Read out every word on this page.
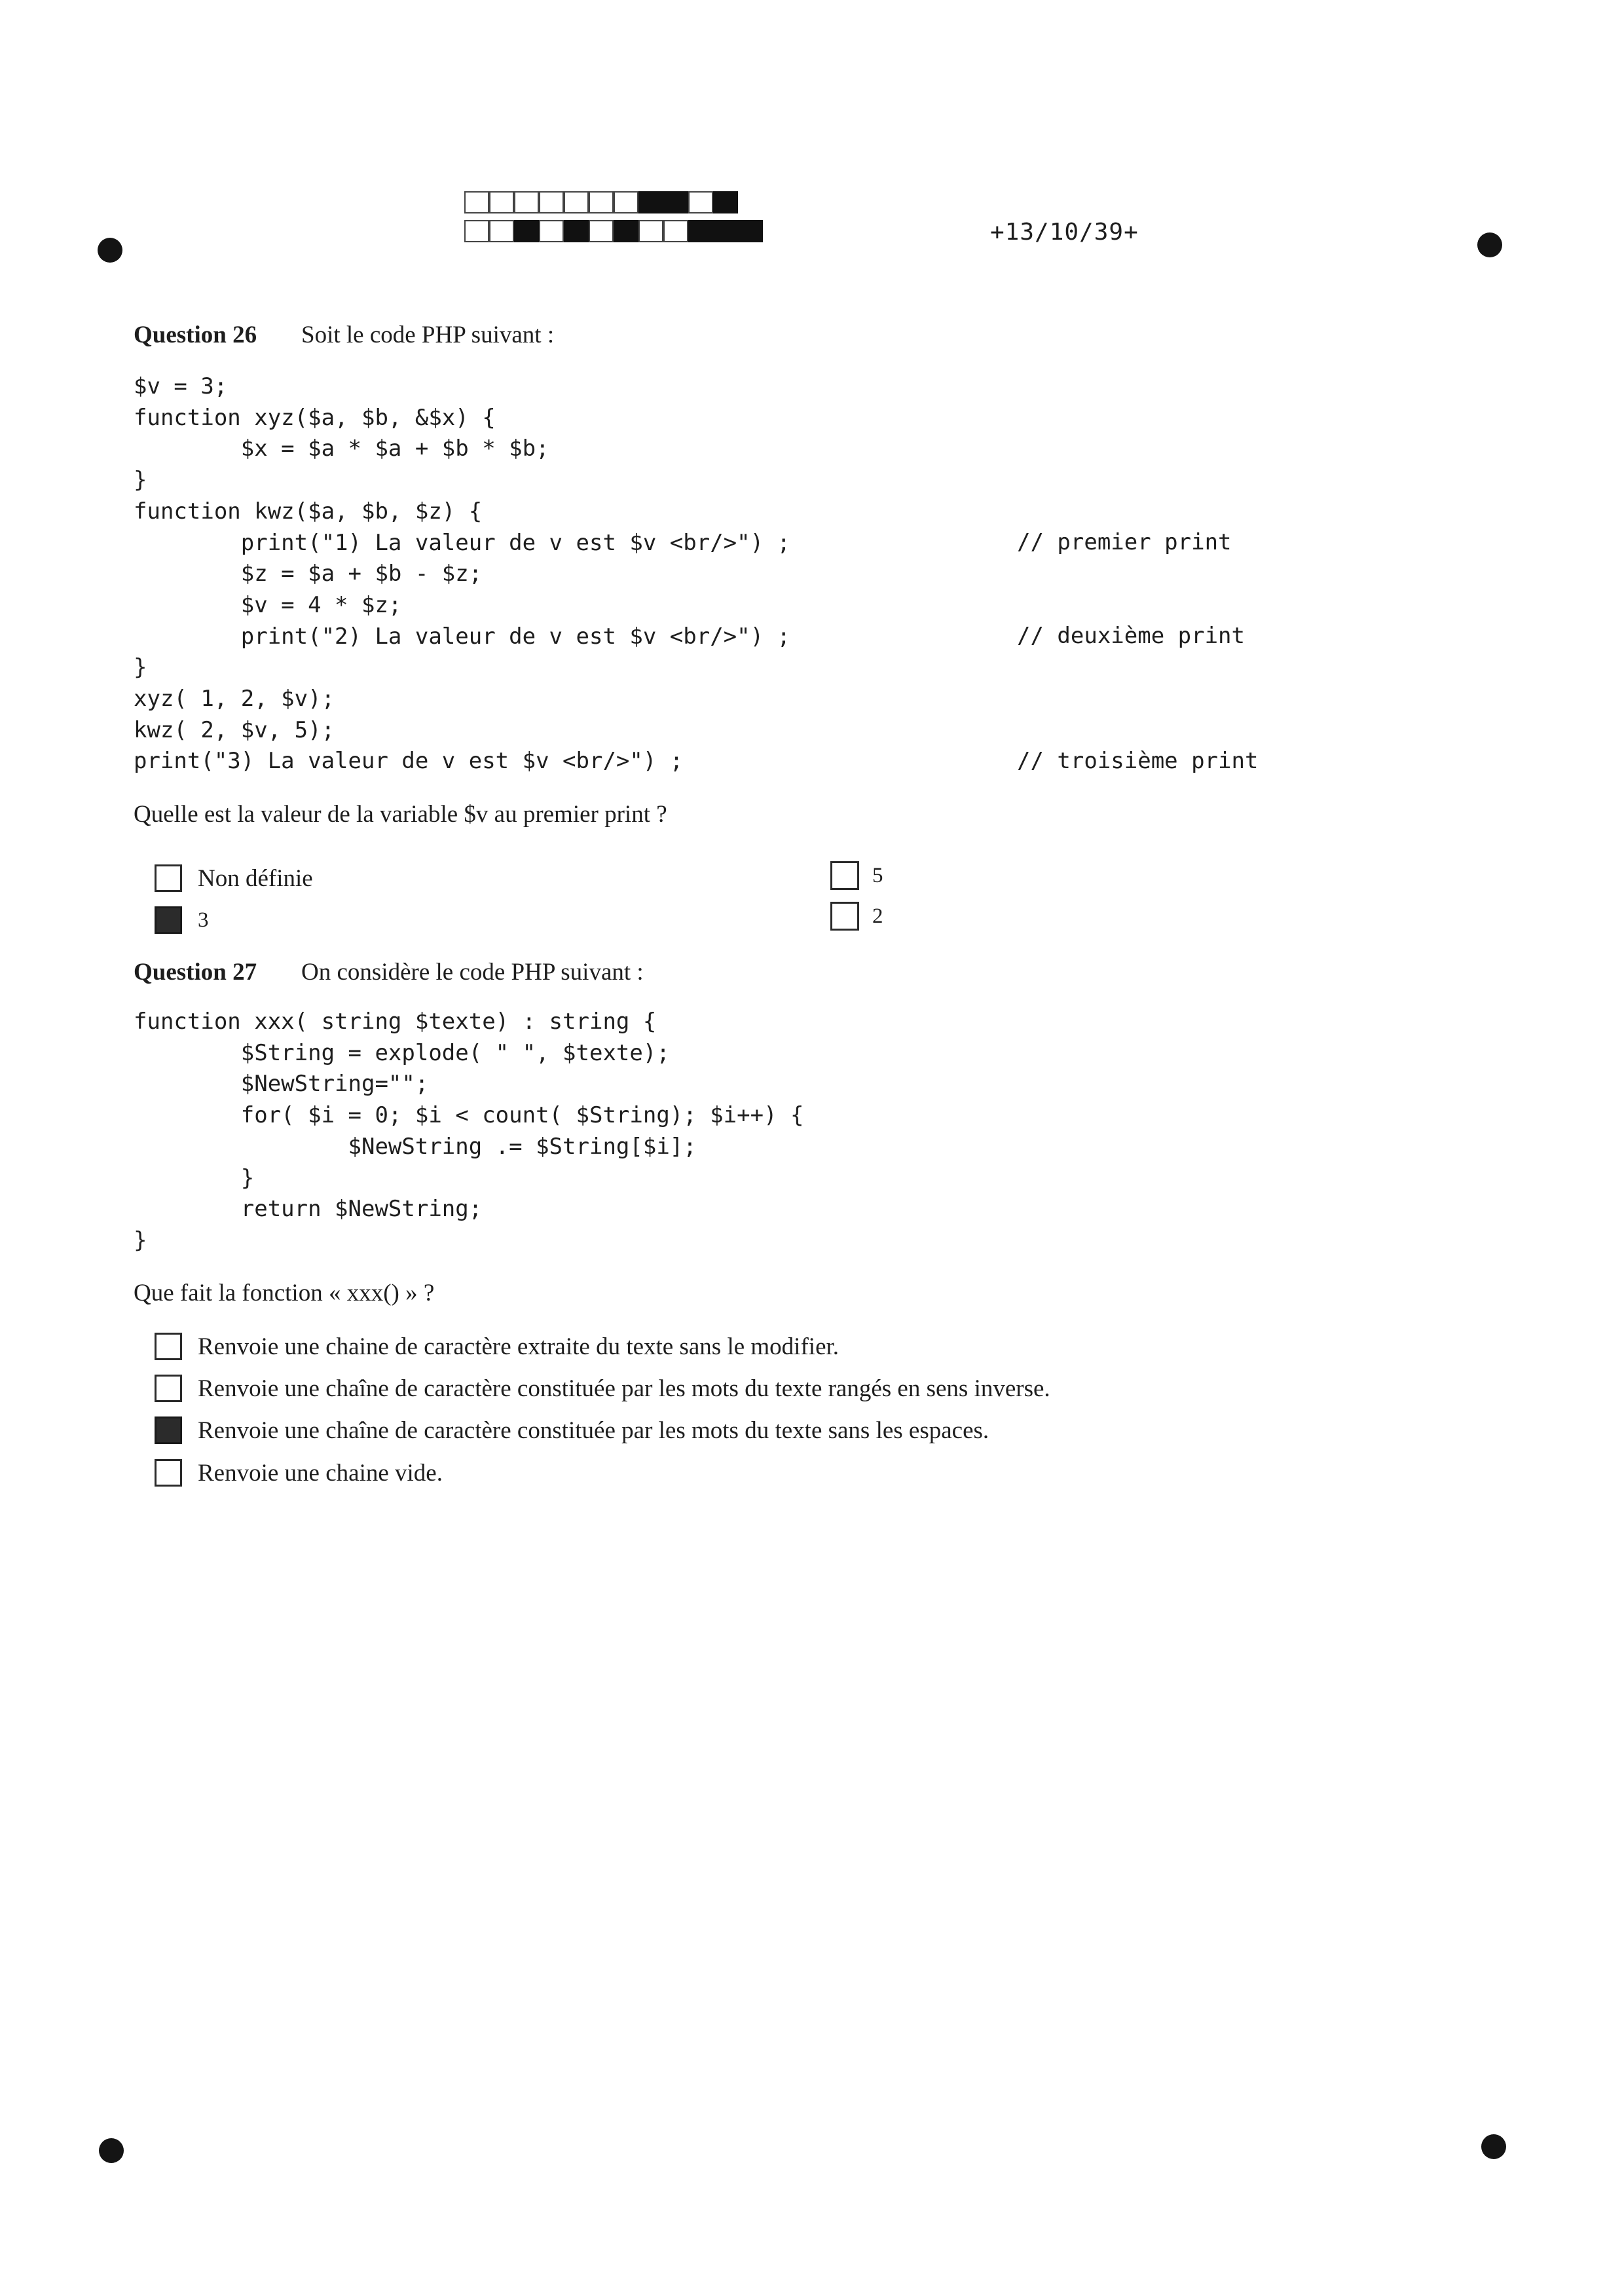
+13/10/39+
Question 26 Soit le code PHP suivant :
$v = 3;
function xyz($a, $b, &$x) {
$x = $a * $a + $b * $b;
}
function kwz($a, $b, $z) {
print("1) La valeur de v est $v <br/>") ;
$z = $a + $b - $z;
$v = 4 * $z;
print("2) La valeur de v est $v <br/>") ;
}
xyz( 1, 2, $v);
kwz( 2, $v, 5);
print("3) La valeur de v est $v <br/>") ;
// premier print
// deuxième print
// troisième print
Quelle est la valeur de la variable $v au premier print ?
Non définie
3
5
2
Question 27 On considère le code PHP suivant :
function xxx( string $texte) : string {
$String = explode( " ", $texte);
$NewString="";
for( $i = 0; $i < count( $String); $i++) {
$NewString .= $String[$i];
}
return $NewString;
}
Que fait la fonction « xxx() » ?
Renvoie une chaine de caractère extraite du texte sans le modifier.
Renvoie une chaîne de caractère constituée par les mots du texte rangés en sens inverse.
Renvoie une chaîne de caractère constituée par les mots du texte sans les espaces.
Renvoie une chaine vide.
